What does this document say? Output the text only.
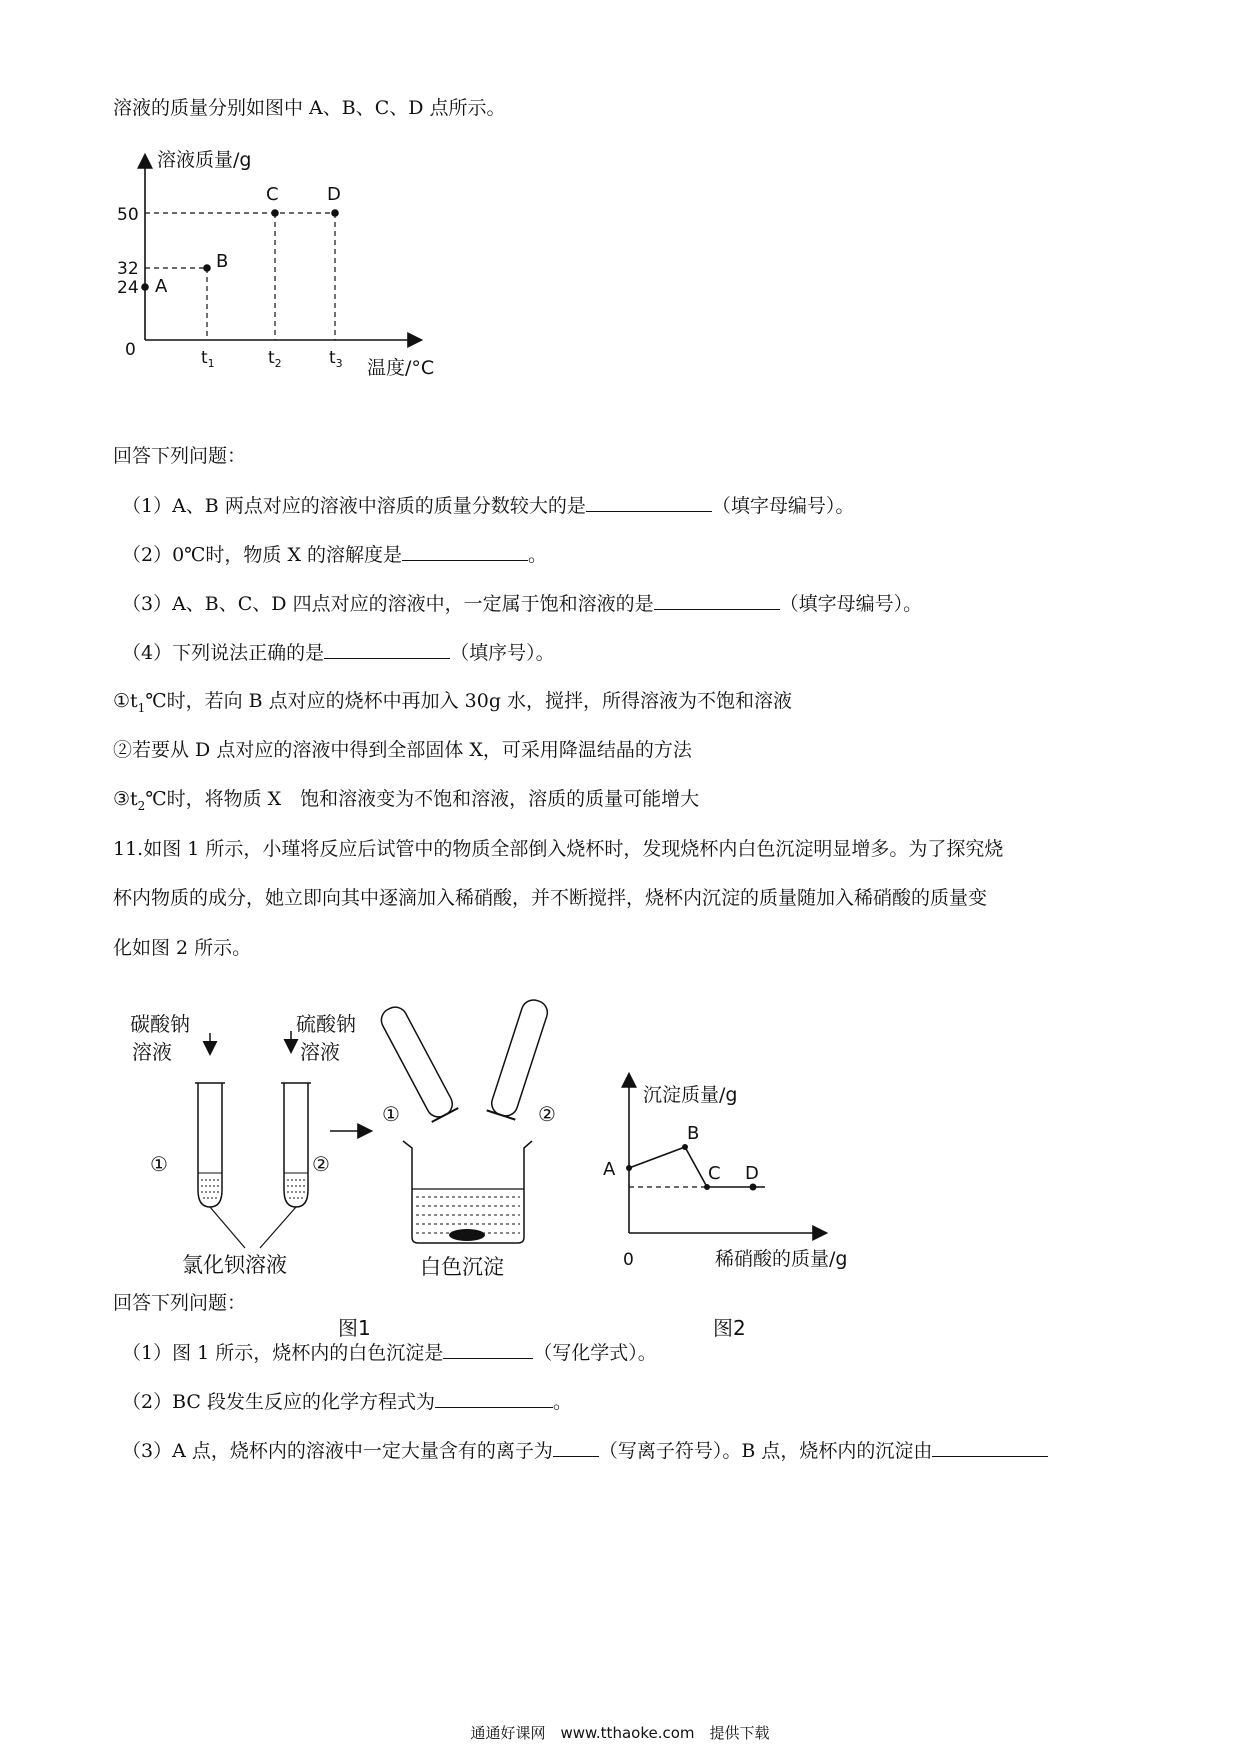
溶液的质量分别如图中 A、B、C、D 点所示。
溶液质量/g
温度/°C
0
50
32
24 A
B
C	D
$t_1$	$t_2$	$t_3$
回答下列问题：
（1）A、B 两点对应的溶液中溶质的质量分数较大的是	（填字母编号）。
（2）0℃时，物质 X 的溶解度是	。
（3）A、B、C、D 四点对应的溶液中，一定属于饱和溶液的是	（填字母编号）。
（4）下列说法正确的是	（填序号）。
$①t_1℃$时，若向 B 点对应的烧杯中再加入 30g 水，搅拌，所得溶液为不饱和溶液
②若要从 D 点对应的溶液中得到全部固体 X，可采用降温结晶的方法
$③t_2℃$时，将物质 X　饱和溶液变为不饱和溶液，溶质的质量可能增大
11.如图 1 所示，小瑾将反应后试管中的物质全部倒入烧杯时，发现烧杯内白色沉淀明显增多。为了探究烧
杯内物质的成分，她立即向其中逐滴加入稀硝酸，并不断搅拌，烧杯内沉淀的质量随加入稀硝酸的质量变
化如图 2 所示。
碳酸钠
溶液
硫酸钠
溶液
①	②
氯化钡溶液
①	②
白色沉淀
图1
沉淀质量/g
稀硝酸的质量/g
0
A
B
C D
图2
回答下列问题：
（1）图 1 所示，烧杯内的白色沉淀是	（写化学式）。
（2）BC 段发生反应的化学方程式为	。
（3）A 点，烧杯内的溶液中一定大量含有的离子为 （写离子符号）。B 点，烧杯内的沉淀由
通通好课网　www.tthaoke.com　提供下载
